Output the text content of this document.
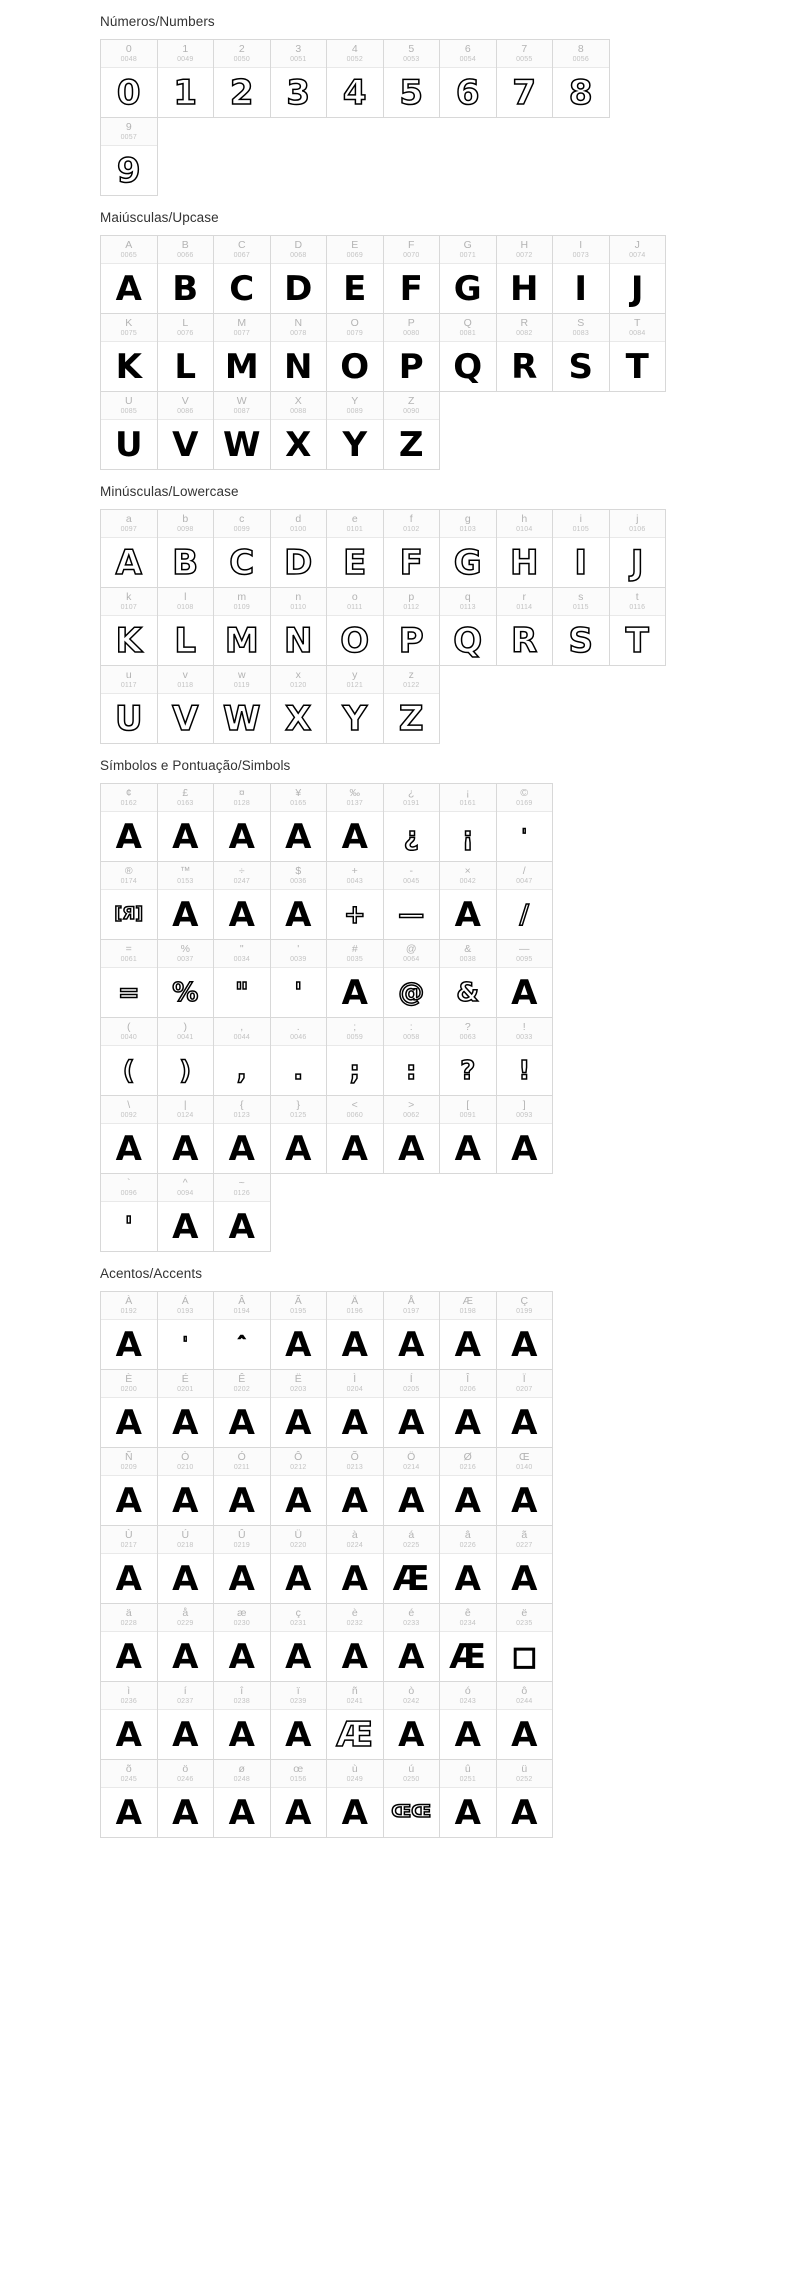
Números/Numbers
0
0048
0
1
0049
1
2
0050
2
3
0051
3
4
0052
4
5
0053
5
6
0054
6
7
0055
7
8
0056
8
9
0057
9
Maiúsculas/Upcase
A
0065
A
B
0066
B
C
0067
C
D
0068
D
E
0069
E
F
0070
F
G
0071
G
H
0072
H
I
0073
I
J
0074
J
K
0075
K
L
0076
L
M
0077
M
N
0078
N
O
0079
O
P
0080
P
Q
0081
Q
R
0082
R
S
0083
S
T
0084
T
U
0085
U
V
0086
V
W
0087
W
X
0088
X
Y
0089
Y
Z
0090
Z
Minúsculas/Lowercase
a
0097
A
b
0098
B
c
0099
C
d
0100
D
e
0101
E
f
0102
F
g
0103
G
h
0104
H
i
0105
I
j
0106
J
k
0107
K
l
0108
L
m
0109
M
n
0110
N
o
0111
O
p
0112
P
q
0113
Q
r
0114
R
s
0115
S
t
0116
T
u
0117
U
v
0118
V
w
0119
W
x
0120
X
y
0121
Y
z
0122
Z
Símbolos e Pontuação/Simbols
¢
0162
A
£
0163
A
¤
0128
A
¥
0165
A
‰
0137
A
¿
0191
¿
¡
0161
¡
©
0169
'
®
0174
[Я] ™
0153
A ÷
0247
A
$
0036
A
+
0043
+
-
0045
—
×
0042
A
/
0047
/
=
0061
=
%
0037
%
"
0034
"
'
0039
'
#
0035
A
@
0064
@
&
0038
&
—
0095
A
(
0040
(
)
0041
)
,
0044
,
.
0046
.
;
0059
;
:
0058
:
?
0063
?
!
0033
!
\
0092
A
|
0124
A
{
0123
A
}
0125
A
<
0060
A
>
0062
A
[
0091
A
]
0093
A
`
0096
'
^
0094
A
~
0126
A
Acentos/Accents
À
0192
A
Á
0193
'
Â
0194
ˆ
Ã
0195
A
Ä
0196
A
Å
0197
A
Æ
0198
A
Ç
0199
A
È
0200
A
É
0201
A
Ê
0202
A
Ë
0203
A
Ì
0204
A
Í
0205
A
Î
0206
A
Ï
0207
A
Ñ
0209
A
Ò
0210
A
Ó
0211
A
Ô
0212
A
Õ
0213
A
Ö
0214
A
Ø
0216
A
Œ
0140
A
Ù
0217
A
Ú
0218
A
Û
0219
A
Ü
0220
A
à
0224
A
á
0225
Æ
â
0226
A
ã
0227
A
ä
0228
A
å
0229
A
æ
0230
A
ç
0231
A
è
0232
A
é
0233
A
ê
0234
Æ
ë
0235
□
ì
0236
A
í
0237
A
î
0238
A
ï
0239
A
ñ
0241
Æ
ò
0242
A
ó
0243
A
ô
0244
A
õ
0245
A
ö
0246
A
ø
0248
A
œ
0156
A
ù
0249
A
ú
0250
ŒŒ
û
0251
A
ü
0252
A
